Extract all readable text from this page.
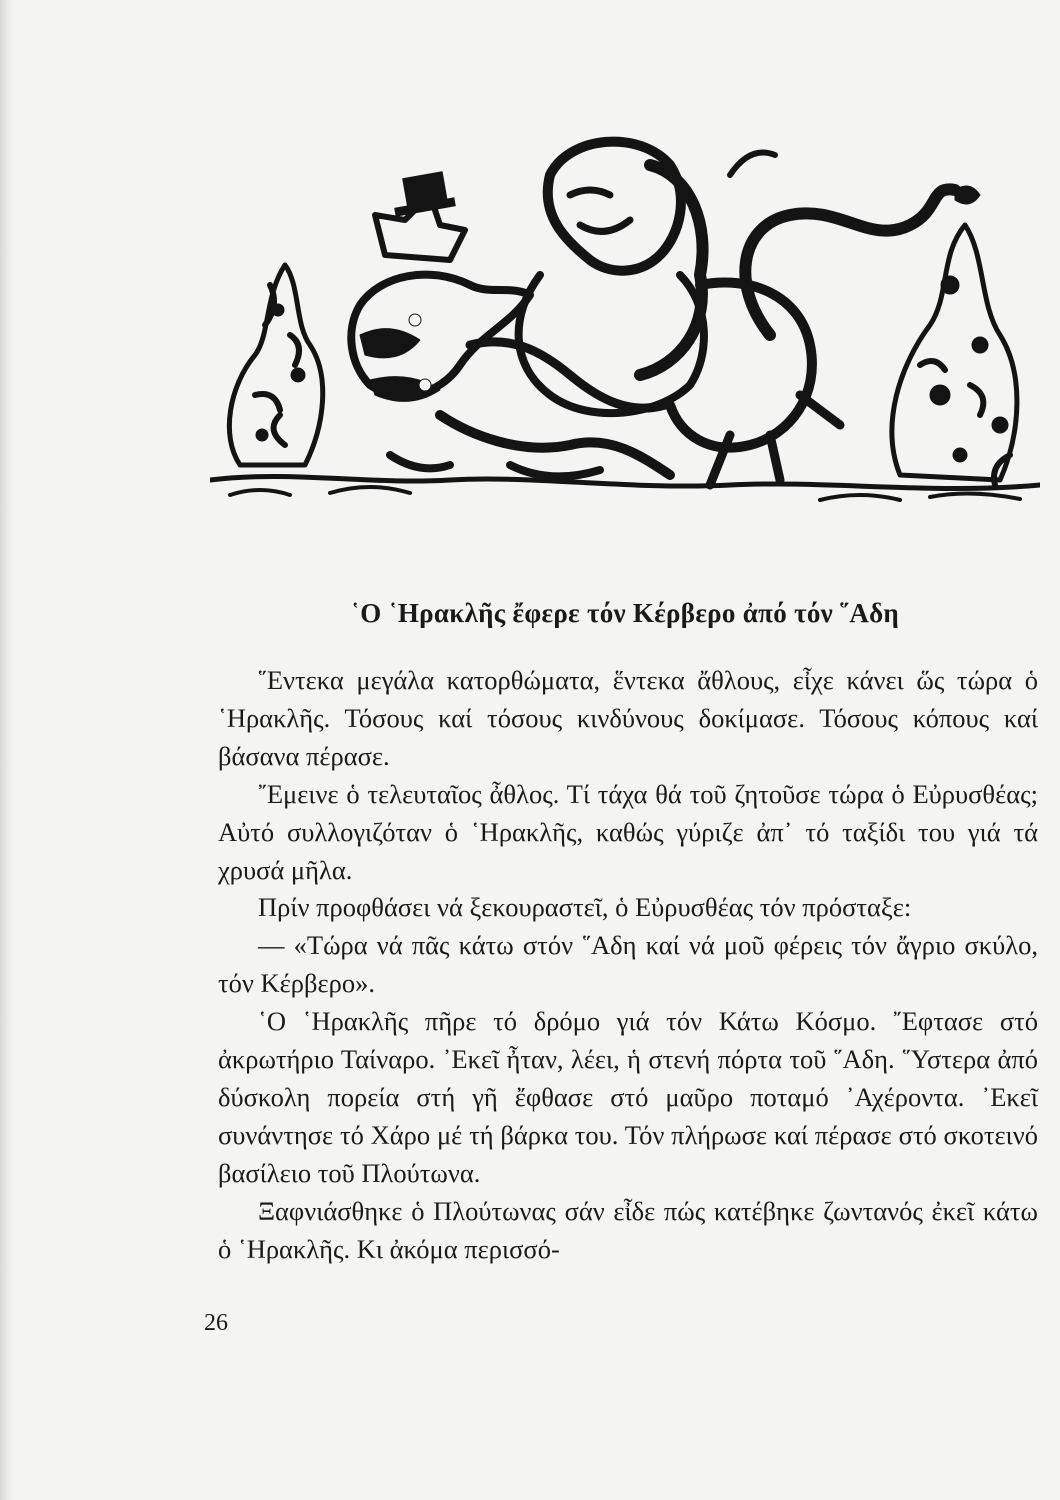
῾Ο ῾Ηρακλῆς ἔφερε τόν Κέρβερο ἀπό τόν ῞Αδη

῞Εντεκα μεγάλα κατορθώματα, ἕντεκα ἄθλους, εἶχε κάνει ὥς τώρα ὁ ῾Ηρακλῆς. Τόσους καί τόσους κινδύνους δοκίμασε. Τόσους κόπους καί βάσανα πέρασε.

῎Εμεινε ὁ τελευταῖος ἆθλος. Τί τάχα θά τοῦ ζητοῦσε τώρα ὁ Εὐρυσθέας; Αὐτό συλλογιζόταν ὁ ῾Ηρακλῆς, καθώς γύριζε ἀπ᾽ τό ταξίδι του γιά τά χρυσά μῆλα.

Πρίν προφθάσει νά ξεκουραστεῖ, ὁ Εὐρυσθέας τόν πρόσταξε:

— «Τώρα νά πᾶς κάτω στόν ῞Αδη καί νά μοῦ φέρεις τόν ἄγριο σκύλο, τόν Κέρβερο».

῾Ο ῾Ηρακλῆς πῆρε τό δρόμο γιά τόν Κάτω Κόσμο. ῎Εφτασε στό ἀκρωτήριο Ταίναρο. ᾿Εκεῖ ἦταν, λέει, ἡ στενή πόρτα τοῦ ῞Αδη. ῞Υστερα ἀπό δύσκολη πορεία στή γῆ ἔφθασε στό μαῦρο ποταμό ᾿Αχέροντα. ᾿Εκεῖ συνάντησε τό Χάρο μέ τή βάρκα του. Τόν πλήρωσε καί πέρασε στό σκοτεινό βασίλειο τοῦ Πλούτωνα.

Ξαφνιάσθηκε ὁ Πλούτωνας σάν εἶδε πώς κατέβηκε ζωντανός ἐκεῖ κάτω ὁ ῾Ηρακλῆς. Κι ἀκόμα περισσό-

26
